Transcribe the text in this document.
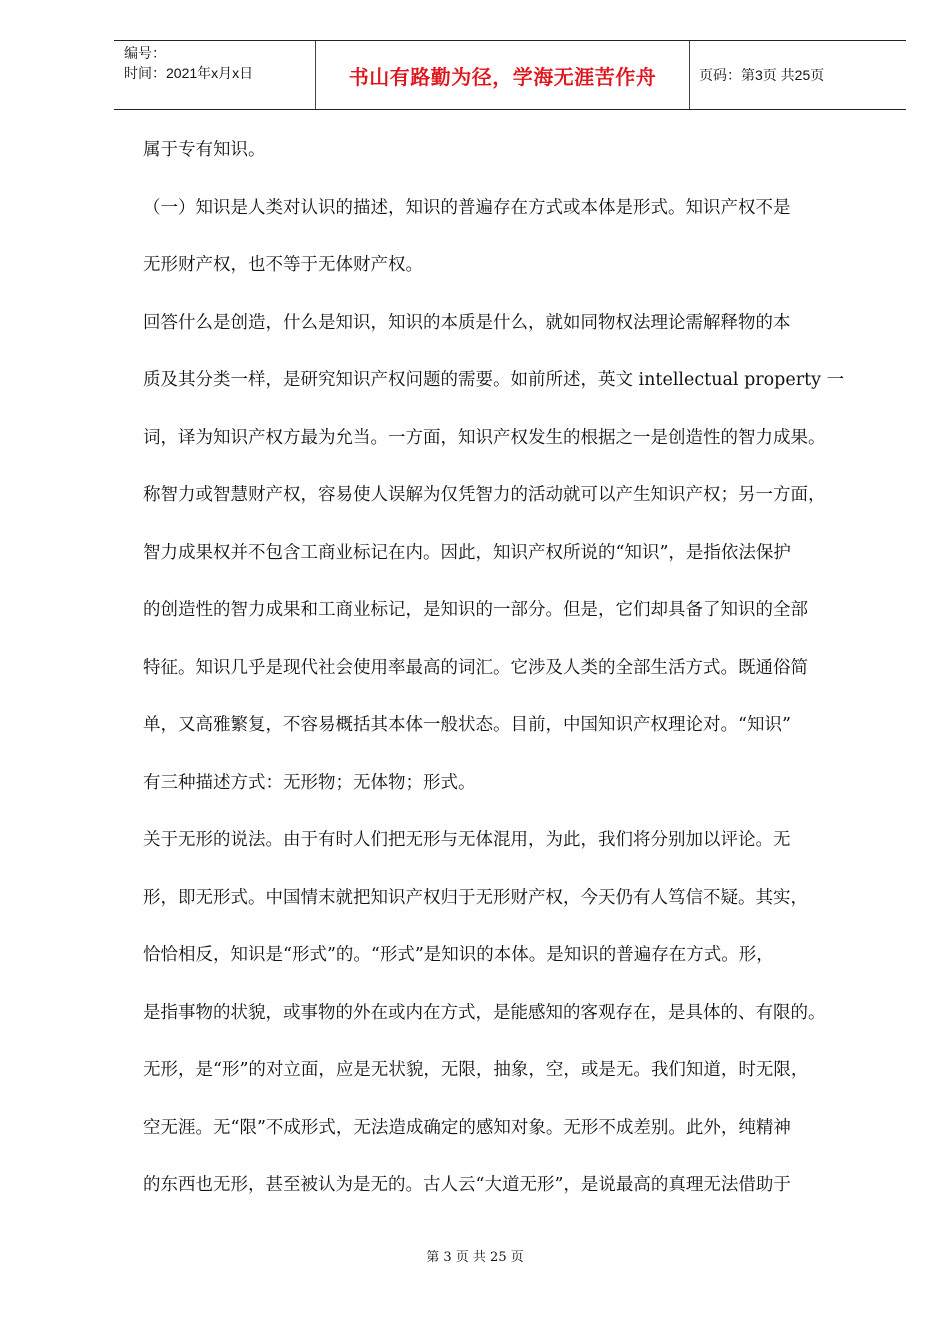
编号：
时间：2021年x月x日	书山有路勤为径，学海无涯苦作舟	页码：第3页 共25页
属于专有知识。
（一）知识是人类对认识的描述，知识的普遍存在方式或本体是形式。知识产权不是
无形财产权，也不等于无体财产权。
回答什么是创造，什么是知识，知识的本质是什么，就如同物权法理论需解释物的本
质及其分类一样，是研究知识产权问题的需要。如前所述，英文 intellectual property 一
词，译为知识产权方最为允当。一方面，知识产权发生的根据之一是创造性的智力成果。
称智力或智慧财产权，容易使人误解为仅凭智力的活动就可以产生知识产权；另一方面，
智力成果权并不包含工商业标记在内。因此，知识产权所说的“知识”，是指依法保护
的创造性的智力成果和工商业标记，是知识的一部分。但是，它们却具备了知识的全部
特征。知识几乎是现代社会使用率最高的词汇。它涉及人类的全部生活方式。既通俗简
单，又高雅繁复，不容易概括其本体一般状态。目前，中国知识产权理论对。“知识”
有三种描述方式：无形物；无体物；形式。
关于无形的说法。由于有时人们把无形与无体混用，为此，我们将分别加以评论。无
形，即无形式。中国情末就把知识产权归于无形财产权，今天仍有人笃信不疑。其实，
恰恰相反，知识是“形式”的。“形式”是知识的本体。是知识的普遍存在方式。形，
是指事物的状貌，或事物的外在或内在方式，是能感知的客观存在，是具体的、有限的。
无形，是“形”的对立面，应是无状貌，无限，抽象，空，或是无。我们知道，时无限，
空无涯。无“限”不成形式，无法造成确定的感知对象。无形不成差别。此外，纯精神
的东西也无形，甚至被认为是无的。古人云“大道无形”，是说最高的真理无法借助于
第 3 页 共 25 页
